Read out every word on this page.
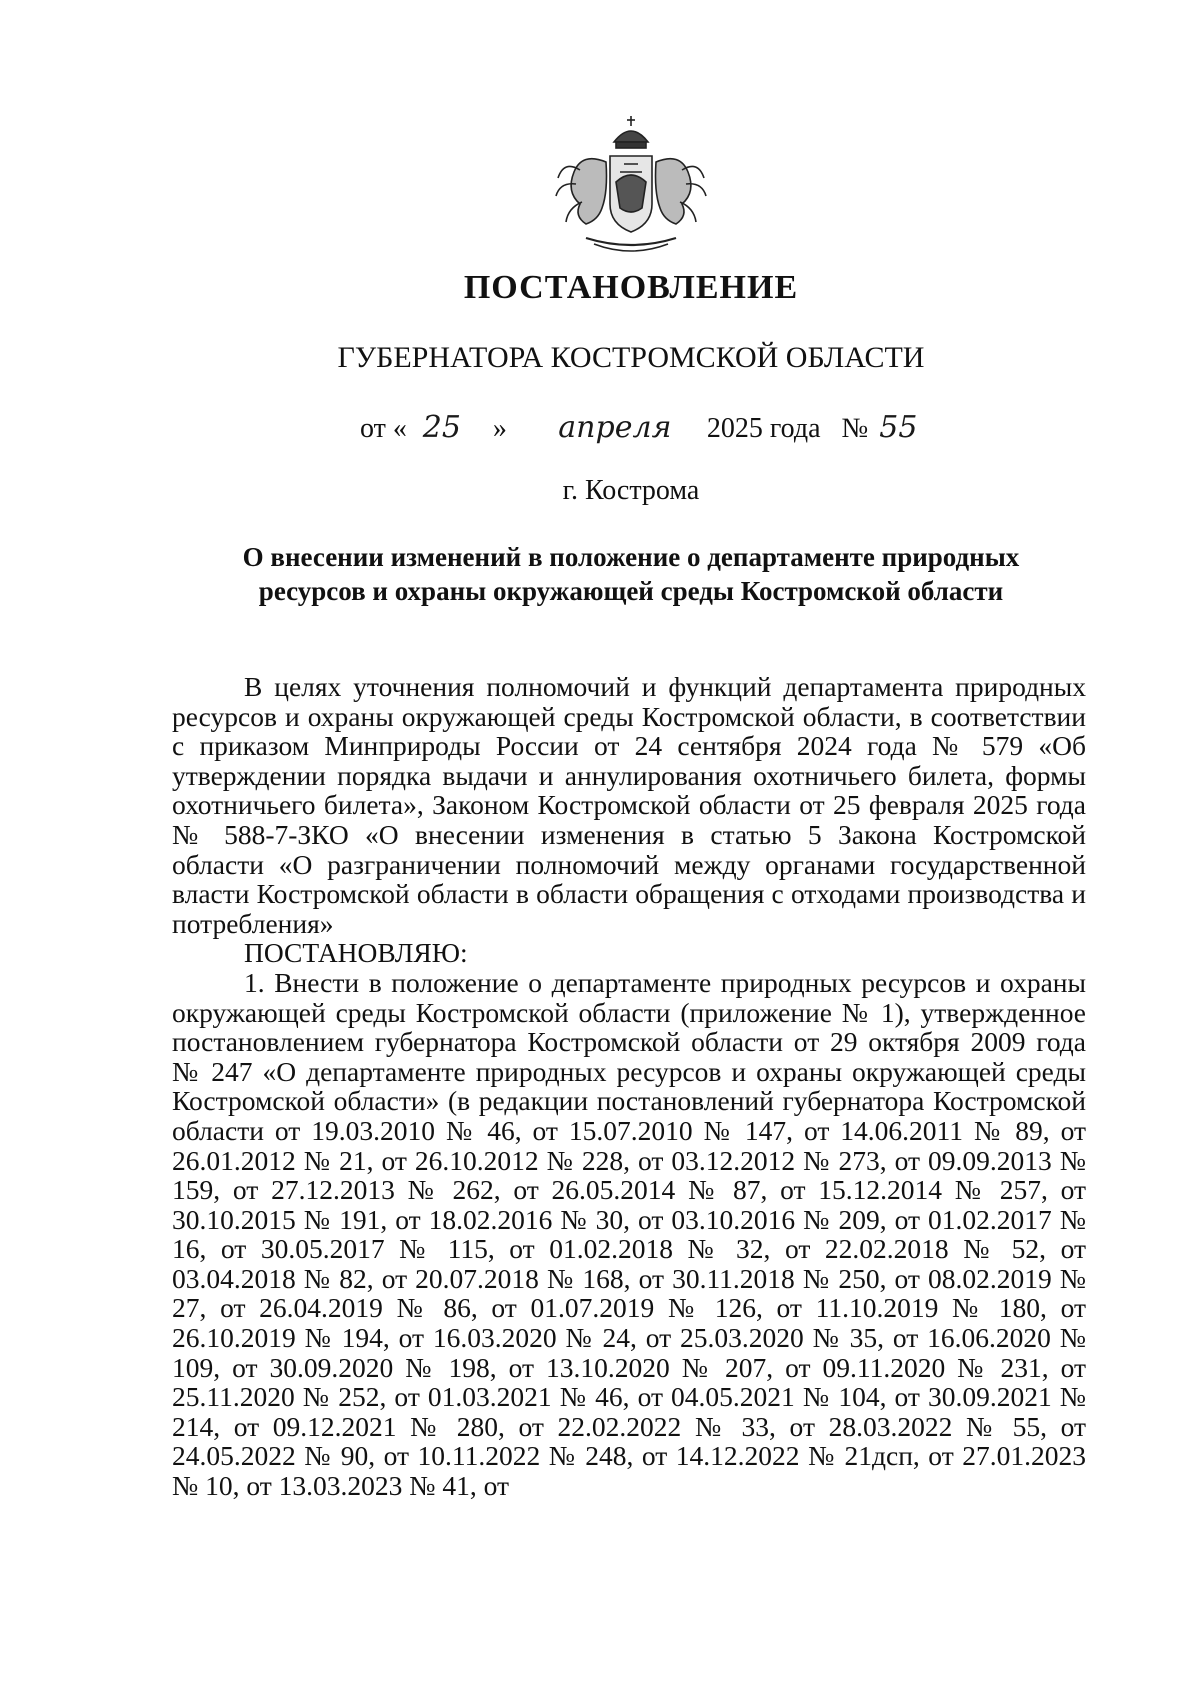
ПОСТАНОВЛЕНИЕ
ГУБЕРНАТОРА КОСТРОМСКОЙ ОБЛАСТИ
от « 25 » апреля 2025 года № 55
г. Кострома
О внесении изменений в положение о департаменте природных ресурсов и охраны окружающей среды Костромской области

В целях уточнения полномочий и функций департамента природных ресурсов и охраны окружающей среды Костромской области, в соответствии с приказом Минприроды России от 24 сентября 2024 года № 579 «Об утверждении порядка выдачи и аннулирования охотничьего билета, формы охотничьего билета», Законом Костромской области от 25 февраля 2025 года № 588-7-ЗКО «О внесении изменения в статью 5 Закона Костромской области «О разграничении полномочий между органами государственной власти Костромской области в области обращения с отходами производства и потребления»

ПОСТАНОВЛЯЮ:

1. Внести в положение о департаменте природных ресурсов и охраны окружающей среды Костромской области (приложение № 1), утвержденное постановлением губернатора Костромской области от 29 октября 2009 года № 247 «О департаменте природных ресурсов и охраны окружающей среды Костромской области» (в редакции постановлений губернатора Костромской области от 19.03.2010 № 46, от 15.07.2010 № 147, от 14.06.2011 № 89, от 26.01.2012 № 21, от 26.10.2012 № 228, от 03.12.2012 № 273, от 09.09.2013 № 159, от 27.12.2013 № 262, от 26.05.2014 № 87, от 15.12.2014 № 257, от 30.10.2015 № 191, от 18.02.2016 № 30, от 03.10.2016 № 209, от 01.02.2017 № 16, от 30.05.2017 № 115, от 01.02.2018 № 32, от 22.02.2018 № 52, от 03.04.2018 № 82, от 20.07.2018 № 168, от 30.11.2018 № 250, от 08.02.2019 № 27, от 26.04.2019 № 86, от 01.07.2019 № 126, от 11.10.2019 № 180, от 26.10.2019 № 194, от 16.03.2020 № 24, от 25.03.2020 № 35, от 16.06.2020 № 109, от 30.09.2020 № 198, от 13.10.2020 № 207, от 09.11.2020 № 231, от 25.11.2020 № 252, от 01.03.2021 № 46, от 04.05.2021 № 104, от 30.09.2021 № 214, от 09.12.2021 № 280, от 22.02.2022 № 33, от 28.03.2022 № 55, от 24.05.2022 № 90, от 10.11.2022 № 248, от 14.12.2022 № 21дсп, от 27.01.2023 № 10, от 13.03.2023 № 41, от
